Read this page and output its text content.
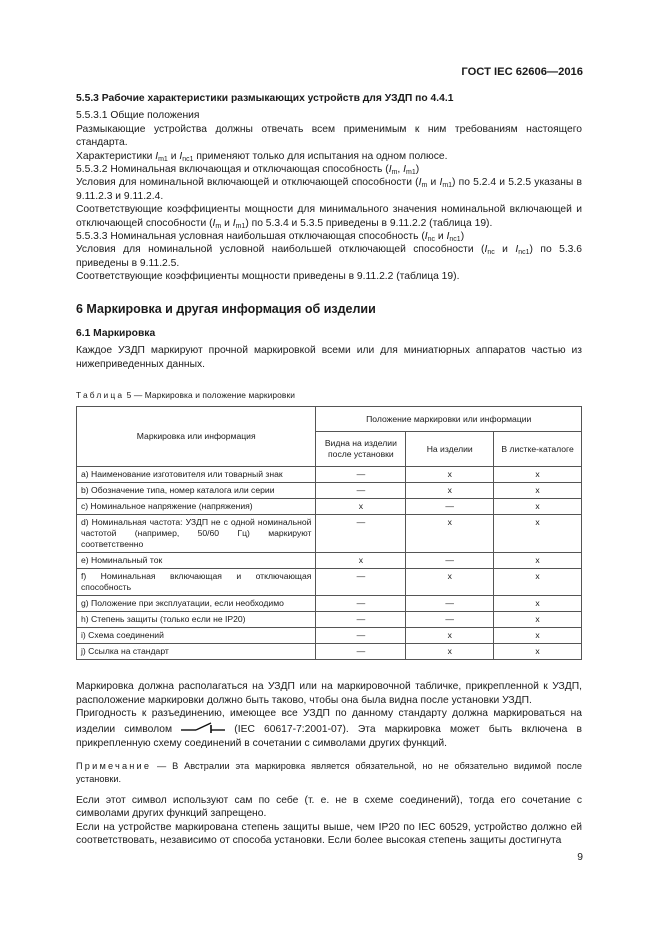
ГОСТ IEC 62606—2016
5.5.3 Рабочие характеристики размыкающих устройств для УЗДП по 4.4.1

5.5.3.1 Общие положения

Размыкающие устройства должны отвечать всем применимым к ним требованиям настоящего стандарта.

Характеристики $I_{m1}$ и $I_{nc1}$ применяют только для испытания на одном полюсе.

5.5.3.2 Номинальная включающая и отключающая способность ($I_m$, $I_{m1}$)

Условия для номинальной включающей и отключающей способности ($I_m$ и $I_{m1}$) по 5.2.4 и 5.2.5 указаны в 9.11.2.3 и 9.11.2.4.

Соответствующие коэффициенты мощности для минимального значения номинальной включающей и отключающей способности ($I_m$ и $I_{m1}$) по 5.3.4 и 5.3.5 приведены в 9.11.2.2 (таблица 19).

5.5.3.3 Номинальная условная наибольшая отключающая способность ($I_{nc}$ и $I_{nc1}$)

Условия для номинальной условной наибольшей отключающей способности ($I_{nc}$ и $I_{nc1}$) по 5.3.6 приведены в 9.11.2.5.

Соответствующие коэффициенты мощности приведены в 9.11.2.2 (таблица 19).

6 Маркировка и другая информация об изделии
6.1 Маркировка

Каждое УЗДП маркируют прочной маркировкой всеми или для миниатюрных аппаратов частью из нижеприведенных данных.

Таблица 5 — Маркировка и положение маркировки
Маркировка или информация	Положение маркировки или информации		
	Видна на изделии после установки	На изделии	В листке-каталоге
a) Наименование изготовителя или товарный знак	—	x	x
b) Обозначение типа, номер каталога или серии	—	x	x
c) Номинальное напряжение (напряжения)	x	—	x
d) Номинальная частота: УЗДП не с одной номинальной частотой (например, 50/60 Гц) маркируют соответственно	—	x	x
e) Номинальный ток	x	—	x
f) Номинальная включающая и отключающая способность	—	x	x
g) Положение при эксплуатации, если необходимо	—	—	x
h) Степень защиты (только если не IP20)	—	—	x
i) Схема соединений	—	x	x
j) Ссылка на стандарт	—	x	x

Маркировка должна располагаться на УЗДП или на маркировочной табличке, прикрепленной к УЗДП, расположение маркировки должно быть таково, чтобы она была видна после установки УЗДП.

Пригодность к разъединению, имеющее все УЗДП по данному стандарту должна маркироваться на изделии символом	(IEC 60617-7:2001-07). Эта маркировка может быть включена в прикрепленную схему соединений в сочетании с символами других функций.

Примечание — В Австралии эта маркировка является обязательной, но не обязательно видимой после установки.

Если этот символ используют сам по себе (т. е. не в схеме соединений), тогда его сочетание с символами других функций запрещено.

Если на устройстве маркирована степень защиты выше, чем IP20 по IEC 60529, устройство должно ей соответствовать, независимо от способа установки. Если более высокая степень защиты достигнута

9
